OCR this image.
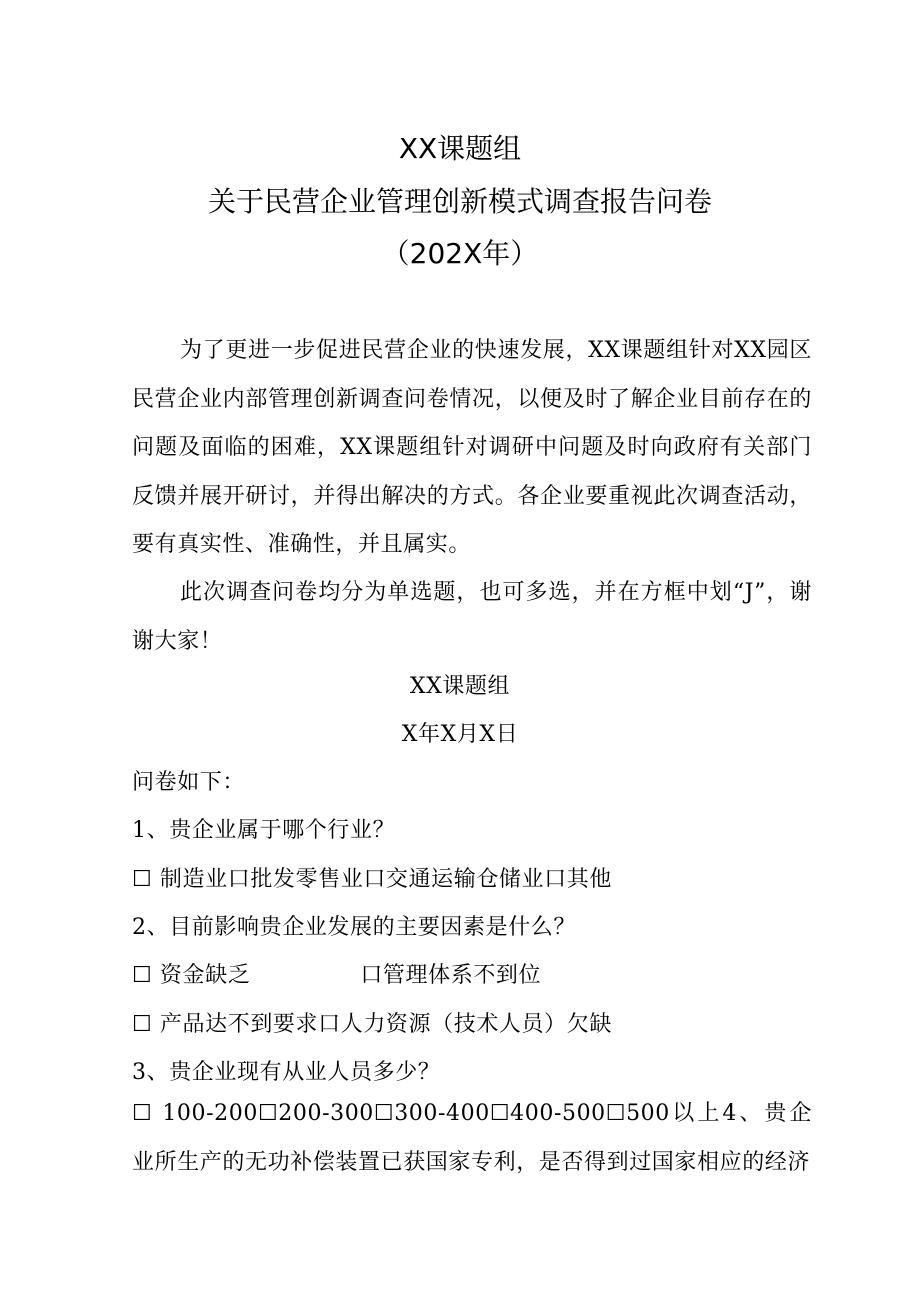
XX课题组
关于民营企业管理创新模式调查报告问卷
（202X年）
为了更进一步促进民营企业的快速发展，XX课题组针对XX园区民营企业内部管理创新调查问卷情况，以便及时了解企业目前存在的问题及面临的困难，XX课题组针对调研中问题及时向政府有关部门反馈并展开研讨，并得出解决的方式。各企业要重视此次调查活动，要有真实性、准确性，并且属实。
此次调查问卷均分为单选题，也可多选，并在方框中划“J”，谢谢大家！
XX课题组
X年X月X日
问卷如下：
1、贵企业属于哪个行业？
☐ 制造业口批发零售业口交通运输仓储业口其他
2、目前影响贵企业发展的主要因素是什么？
☐ 资金缺乏	口管理体系不到位
☐ 产品达不到要求口人力资源（技术人员）欠缺
3、贵企业现有从业人员多少？
☐ 100-200☐200-300☐300-400☐400-500☐500以上4、贵企业所生产的无功补偿装置已获国家专利，是否得到过国家相应的经济
